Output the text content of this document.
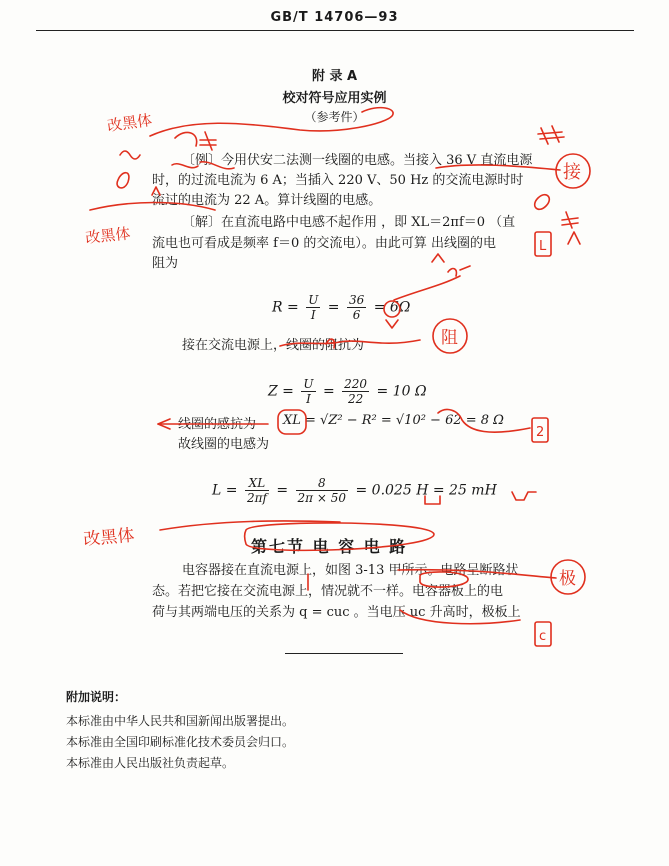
GB/T 14706—93
附 录 A
校对符号应用实例
（参考件）
〔例〕今用伏安二法测一线圈的电感。当接入 36 V 直流电源
时，的过流电流为 6 A；当插入 220 V、50 Hz 的交流电源时时
流过的电流为 22 A。算计线圈的电感。
〔解〕在直流电路中电感不起作用 ，即 XL＝2πf＝0 （直
流电也可看成是频率 f＝0 的交流电）。由此可算 出线圈的电
阻为
$R = \frac{U}{I} = \frac{36}{6} = 6\Omega$
接在交流电源上，线圈的阻抗为
$Z = \frac{U}{I} = \frac{220}{22} = 10$ Ω
线圈的感抗为 XL = √Z² − R² = √10² − 62 = 8 Ω
故线圈的电感为
$L = \frac{XL}{2\pi f} = \frac{8}{2\pi \times 50} = 0.025$ H = 25 mH
第七节 电 容 电 路
电容器接在直流电源上，如图 3-13 甲所示。电路呈断路状
态。若把它接在交流电源上，情况就不一样。电容器板上的电
荷与其两端电压的关系为 q = cuc 。当电压 uc 升高时，极板上
附加说明：
本标准由中华人民共和国新闻出版署提出。
本标准由全国印刷标准化技术委员会归口。
本标准由人民出版社负责起草。
改黑体
改黑体
改黑体
接
L
阻
2
极
c
